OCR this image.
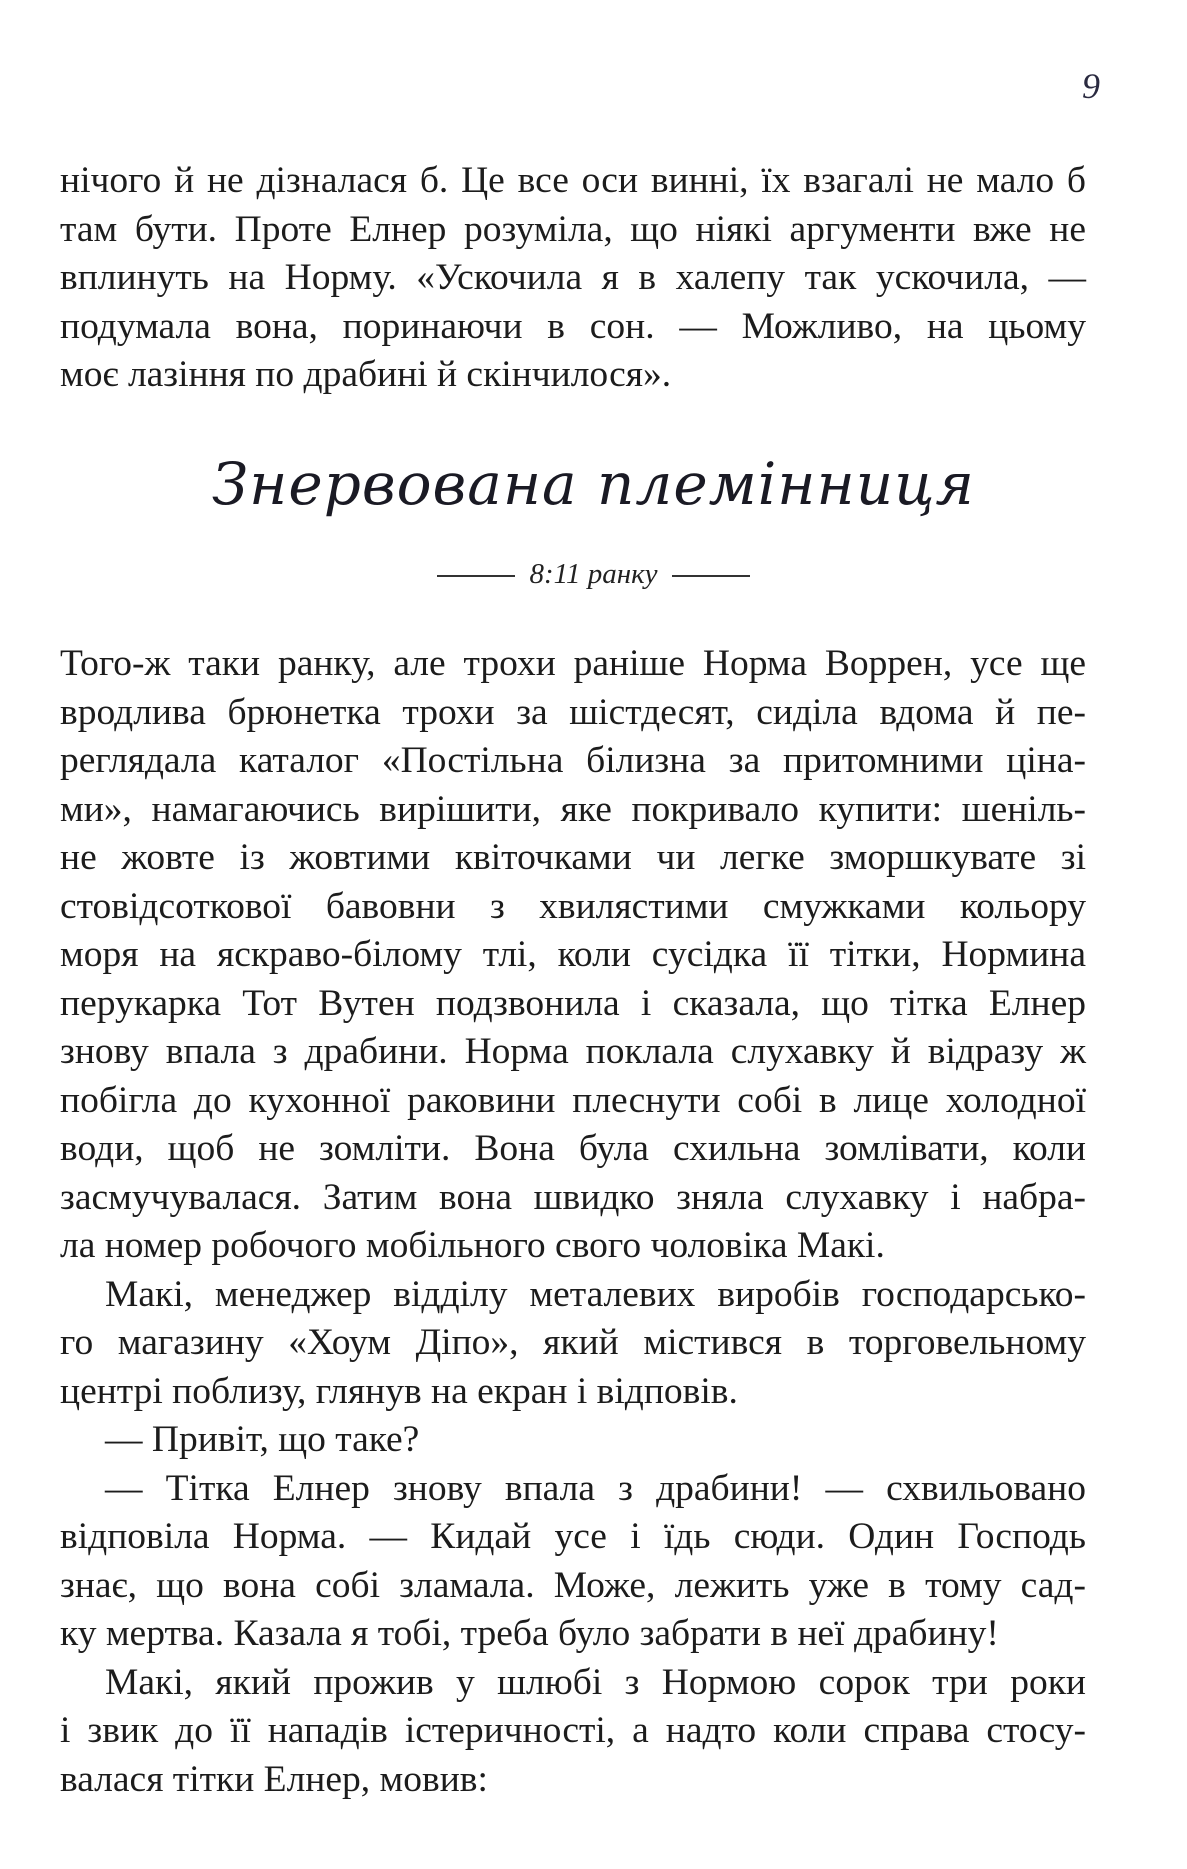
9
нічого й не дізналася б. Це все оси винні, їх взагалі не мало б
там бути. Проте Елнер розуміла, що ніякі аргументи вже не
вплинуть на Норму. «Ускочила я в халепу так ускочила, —
подумала вона, поринаючи в сон. — Можливо, на цьому
моє лазіння по драбині й скінчилося».
Знервована племінниця
8:11 ранку
Того-ж таки ранку, але трохи раніше Норма Воррен, усе ще
вродлива брюнетка трохи за шістдесят, сиділа вдома й пе-
реглядала каталог «Постільна білизна за притомними ціна-
ми», намагаючись вирішити, яке покривало купити: шеніль-
не жовте із жовтими квіточками чи легке зморшкувате зі
стовідсоткової бавовни з хвилястими смужками кольору
моря на яскраво-білому тлі, коли сусідка її тітки, Нормина
перукарка Тот Вутен подзвонила і сказала, що тітка Елнер
знову впала з драбини. Норма поклала слухавку й відразу ж
побігла до кухонної раковини плеснути собі в лице холодної
води, щоб не зомліти. Вона була схильна зомлівати, коли
засмучувалася. Затим вона швидко зняла слухавку і набра-
ла номер робочого мобільного свого чоловіка Макі.
Макі, менеджер відділу металевих виробів господарсько-
го магазину «Хоум Діпо», який містився в торговельному
центрі поблизу, глянув на екран і відповів.
— Привіт, що таке?
— Тітка Елнер знову впала з драбини! — схвильовано
відповіла Норма. — Кидай усе і їдь сюди. Один Господь
знає, що вона собі зламала. Може, лежить уже в тому сад-
ку мертва. Казала я тобі, треба було забрати в неї драбину!
Макі, який прожив у шлюбі з Нормою сорок три роки
і звик до її нападів істеричності, а надто коли справа стосу-
валася тітки Елнер, мовив:
